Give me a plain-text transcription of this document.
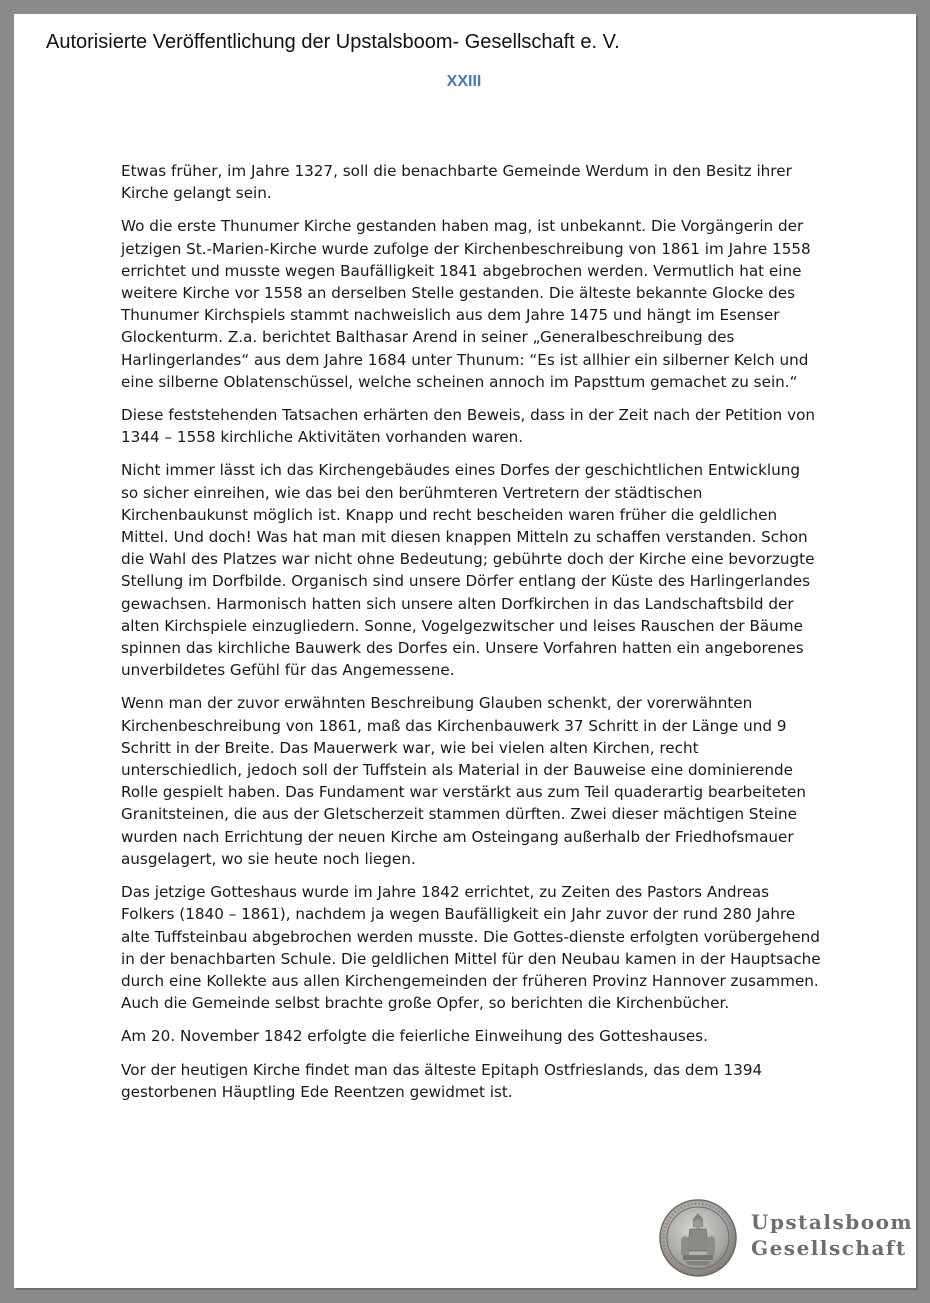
Autorisierte Veröffentlichung der Upstalsboom- Gesellschaft e. V.
XXIII

Etwas früher, im Jahre 1327, soll die benachbarte Gemeinde Werdum in den Besitz ihrer Kirche gelangt sein.

Wo die erste Thunumer Kirche gestanden haben mag, ist unbekannt. Die Vorgängerin der jetzigen St.-Marien-Kirche wurde zufolge der Kirchenbeschreibung von 1861 im Jahre 1558 errichtet und musste wegen Baufälligkeit 1841 abgebrochen werden. Vermutlich hat eine weitere Kirche vor 1558 an derselben Stelle gestanden. Die älteste bekannte Glocke des Thunumer Kirchspiels stammt nachweislich aus dem Jahre 1475 und hängt im Esenser Glockenturm. Z.a. berichtet Balthasar Arend in seiner „Generalbeschreibung des Harlingerlandes“ aus dem Jahre 1684 unter Thunum: “Es ist allhier ein silberner Kelch und eine silberne Oblatenschüssel, welche scheinen annoch im Papsttum gemachet zu sein.“

Diese feststehenden Tatsachen erhärten den Beweis, dass in der Zeit nach der Petition von 1344 – 1558 kirchliche Aktivitäten vorhanden waren.

Nicht immer lässt ich das Kirchengebäudes eines Dorfes der geschichtlichen Entwicklung so sicher einreihen, wie das bei den berühmteren Vertretern der städtischen Kirchenbaukunst möglich ist. Knapp und recht bescheiden waren früher die geldlichen Mittel. Und doch! Was hat man mit diesen knappen Mitteln zu schaffen verstanden. Schon die Wahl des Platzes war nicht ohne Bedeutung; gebührte doch der Kirche eine bevorzugte Stellung im Dorfbilde. Organisch sind unsere Dörfer entlang der Küste des Harlingerlandes gewachsen. Harmonisch hatten sich unsere alten Dorfkirchen in das Landschaftsbild der alten Kirchspiele einzugliedern. Sonne, Vogelgezwitscher und leises Rauschen der Bäume spinnen das kirchliche Bauwerk des Dorfes ein. Unsere Vorfahren hatten ein angeborenes unverbildetes Gefühl für das Angemessene.

Wenn man der zuvor erwähnten Beschreibung Glauben schenkt, der vorerwähnten Kirchenbeschreibung von 1861, maß das Kirchenbauwerk 37 Schritt in der Länge und 9 Schritt in der Breite. Das Mauerwerk war, wie bei vielen alten Kirchen, recht unterschiedlich, jedoch soll der Tuffstein als Material in der Bauweise eine dominierende Rolle gespielt haben. Das Fundament war verstärkt aus zum Teil quaderartig bearbeiteten Granitsteinen, die aus der Gletscherzeit stammen dürften. Zwei dieser mächtigen Steine wurden nach Errichtung der neuen Kirche am Osteingang außerhalb der Friedhofsmauer ausgelagert, wo sie heute noch liegen.

Das jetzige Gotteshaus wurde im Jahre 1842 errichtet, zu Zeiten des Pastors Andreas Folkers (1840 – 1861), nachdem ja wegen Baufälligkeit ein Jahr zuvor der rund 280 Jahre alte Tuffsteinbau abgebrochen werden musste. Die Gottes-dienste erfolgten vorübergehend in der benachbarten Schule. Die geldlichen Mittel für den Neubau kamen in der Hauptsache durch eine Kollekte aus allen Kirchengemeinden der früheren Provinz Hannover zusammen. Auch die Gemeinde selbst brachte große Opfer, so berichten die Kirchenbücher.

Am 20. November 1842 erfolgte die feierliche Einweihung des Gotteshauses.

Vor der heutigen Kirche findet man das älteste Epitaph Ostfrieslands, das dem 1394 gestorbenen Häuptling Ede Reentzen gewidmet ist.

Upstalsboom
Gesellschaft
